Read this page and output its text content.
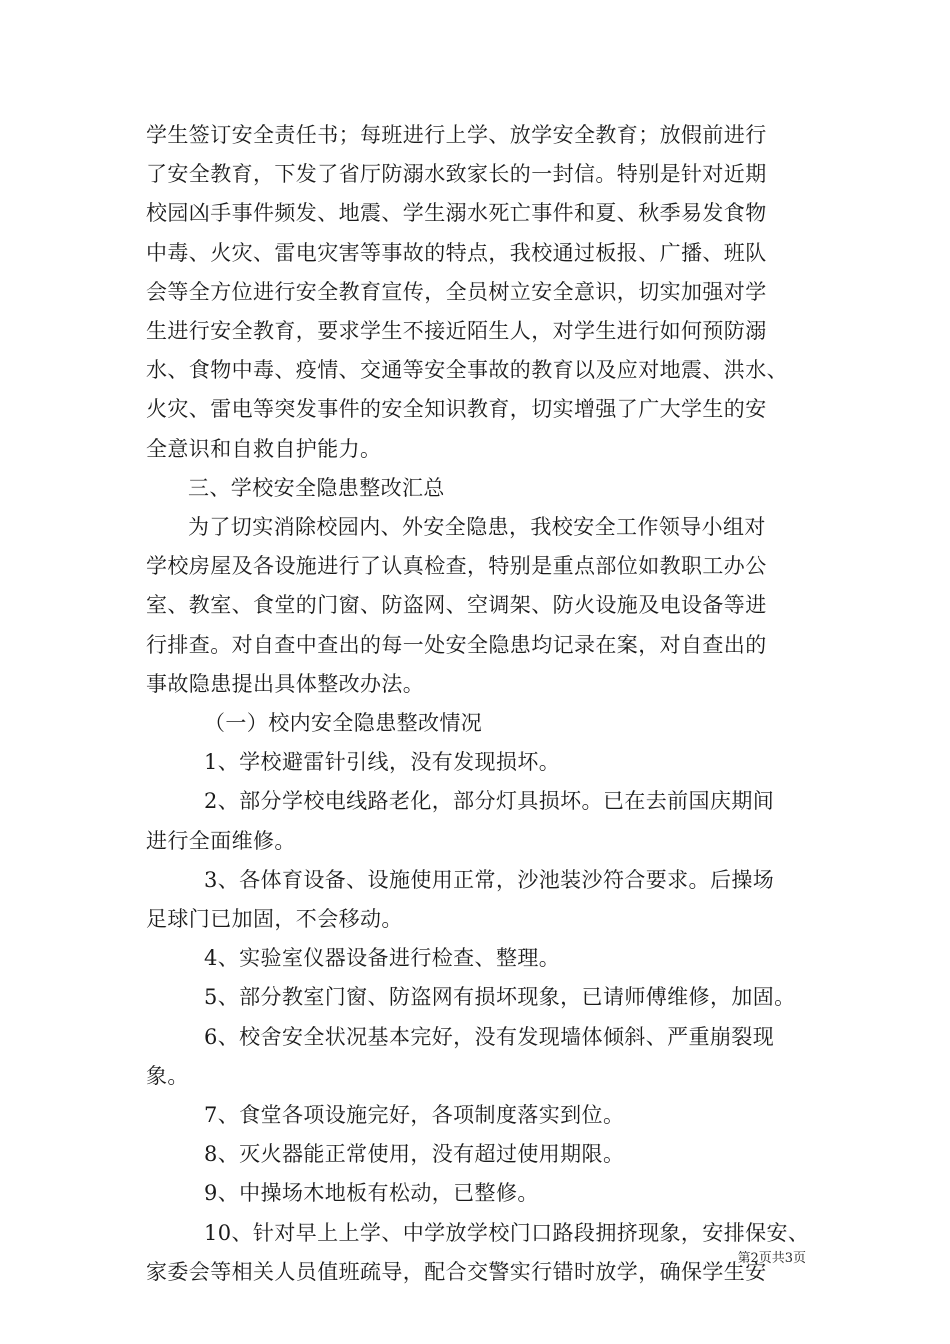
学生签订安全责任书；每班进行上学、放学安全教育；放假前进行
了安全教育，下发了省厅防溺水致家长的一封信。特别是针对近期
校园凶手事件频发、地震、学生溺水死亡事件和夏、秋季易发食物
中毒、火灾、雷电灾害等事故的特点，我校通过板报、广播、班队
会等全方位进行安全教育宣传，全员树立安全意识，切实加强对学
生进行安全教育，要求学生不接近陌生人，对学生进行如何预防溺
水、食物中毒、疫情、交通等安全事故的教育以及应对地震、洪水、
火灾、雷电等突发事件的安全知识教育，切实增强了广大学生的安
全意识和自救自护能力。
三、学校安全隐患整改汇总
为了切实消除校园内、外安全隐患，我校安全工作领导小组对
学校房屋及各设施进行了认真检查，特别是重点部位如教职工办公
室、教室、食堂的门窗、防盗网、空调架、防火设施及电设备等进
行排查。对自查中查出的每一处安全隐患均记录在案，对自查出的
事故隐患提出具体整改办法。
（一）校内安全隐患整改情况
1、学校避雷针引线，没有发现损坏。
2、部分学校电线路老化，部分灯具损坏。已在去前国庆期间
进行全面维修。
3、各体育设备、设施使用正常，沙池装沙符合要求。后操场
足球门已加固，不会移动。
4、实验室仪器设备进行检查、整理。
5、部分教室门窗、防盗网有损坏现象，已请师傅维修，加固。
6、校舍安全状况基本完好，没有发现墙体倾斜、严重崩裂现
象。
7、食堂各项设施完好，各项制度落实到位。
8、灭火器能正常使用，没有超过使用期限。
9、中操场木地板有松动，已整修。
10、针对早上上学、中学放学校门口路段拥挤现象，安排保安、
家委会等相关人员值班疏导，配合交警实行错时放学，确保学生安
第2页共3页
